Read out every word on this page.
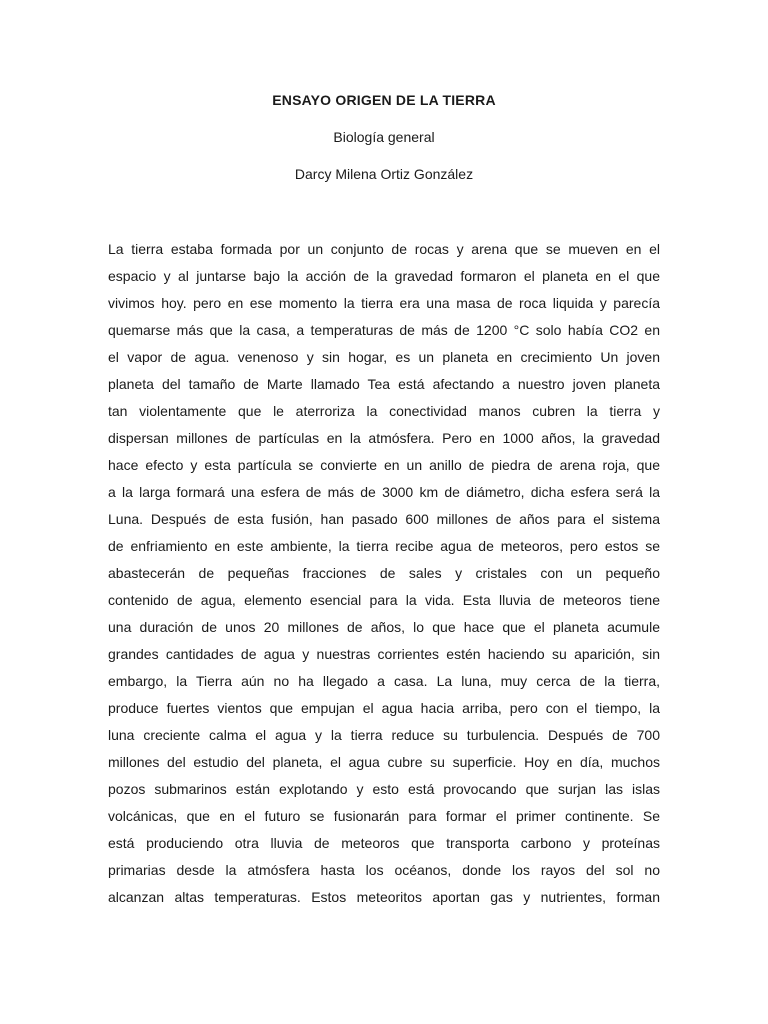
ENSAYO ORIGEN DE LA TIERRA

Biología general

Darcy Milena Ortiz González

La tierra estaba formada por un conjunto de rocas y arena que se mueven en el
espacio y al juntarse bajo la acción de la gravedad formaron el planeta en el que
vivimos hoy. pero en ese momento la tierra era una masa de roca liquida y parecía
quemarse más que la casa, a temperaturas de más de 1200 °C solo había CO2 en
el vapor de agua. venenoso y sin hogar, es un planeta en crecimiento Un joven
planeta del tamaño de Marte llamado Tea está afectando a nuestro joven planeta
tan violentamente que le aterroriza la conectividad manos cubren la tierra y
dispersan millones de partículas en la atmósfera. Pero en 1000 años, la gravedad
hace efecto y esta partícula se convierte en un anillo de piedra de arena roja, que
a la larga formará una esfera de más de 3000 km de diámetro, dicha esfera será la
Luna. Después de esta fusión, han pasado 600 millones de años para el sistema
de enfriamiento en este ambiente, la tierra recibe agua de meteoros, pero estos se
abastecerán de pequeñas fracciones de sales y cristales con un pequeño
contenido de agua, elemento esencial para la vida. Esta lluvia de meteoros tiene
una duración de unos 20 millones de años, lo que hace que el planeta acumule
grandes cantidades de agua y nuestras corrientes estén haciendo su aparición, sin
embargo, la Tierra aún no ha llegado a casa. La luna, muy cerca de la tierra,
produce fuertes vientos que empujan el agua hacia arriba, pero con el tiempo, la
luna creciente calma el agua y la tierra reduce su turbulencia. Después de 700
millones del estudio del planeta, el agua cubre su superficie. Hoy en día, muchos
pozos submarinos están explotando y esto está provocando que surjan las islas
volcánicas, que en el futuro se fusionarán para formar el primer continente. Se
está produciendo otra lluvia de meteoros que transporta carbono y proteínas
primarias desde la atmósfera hasta los océanos, donde los rayos del sol no
alcanzan altas temperaturas. Estos meteoritos aportan gas y nutrientes, forman
